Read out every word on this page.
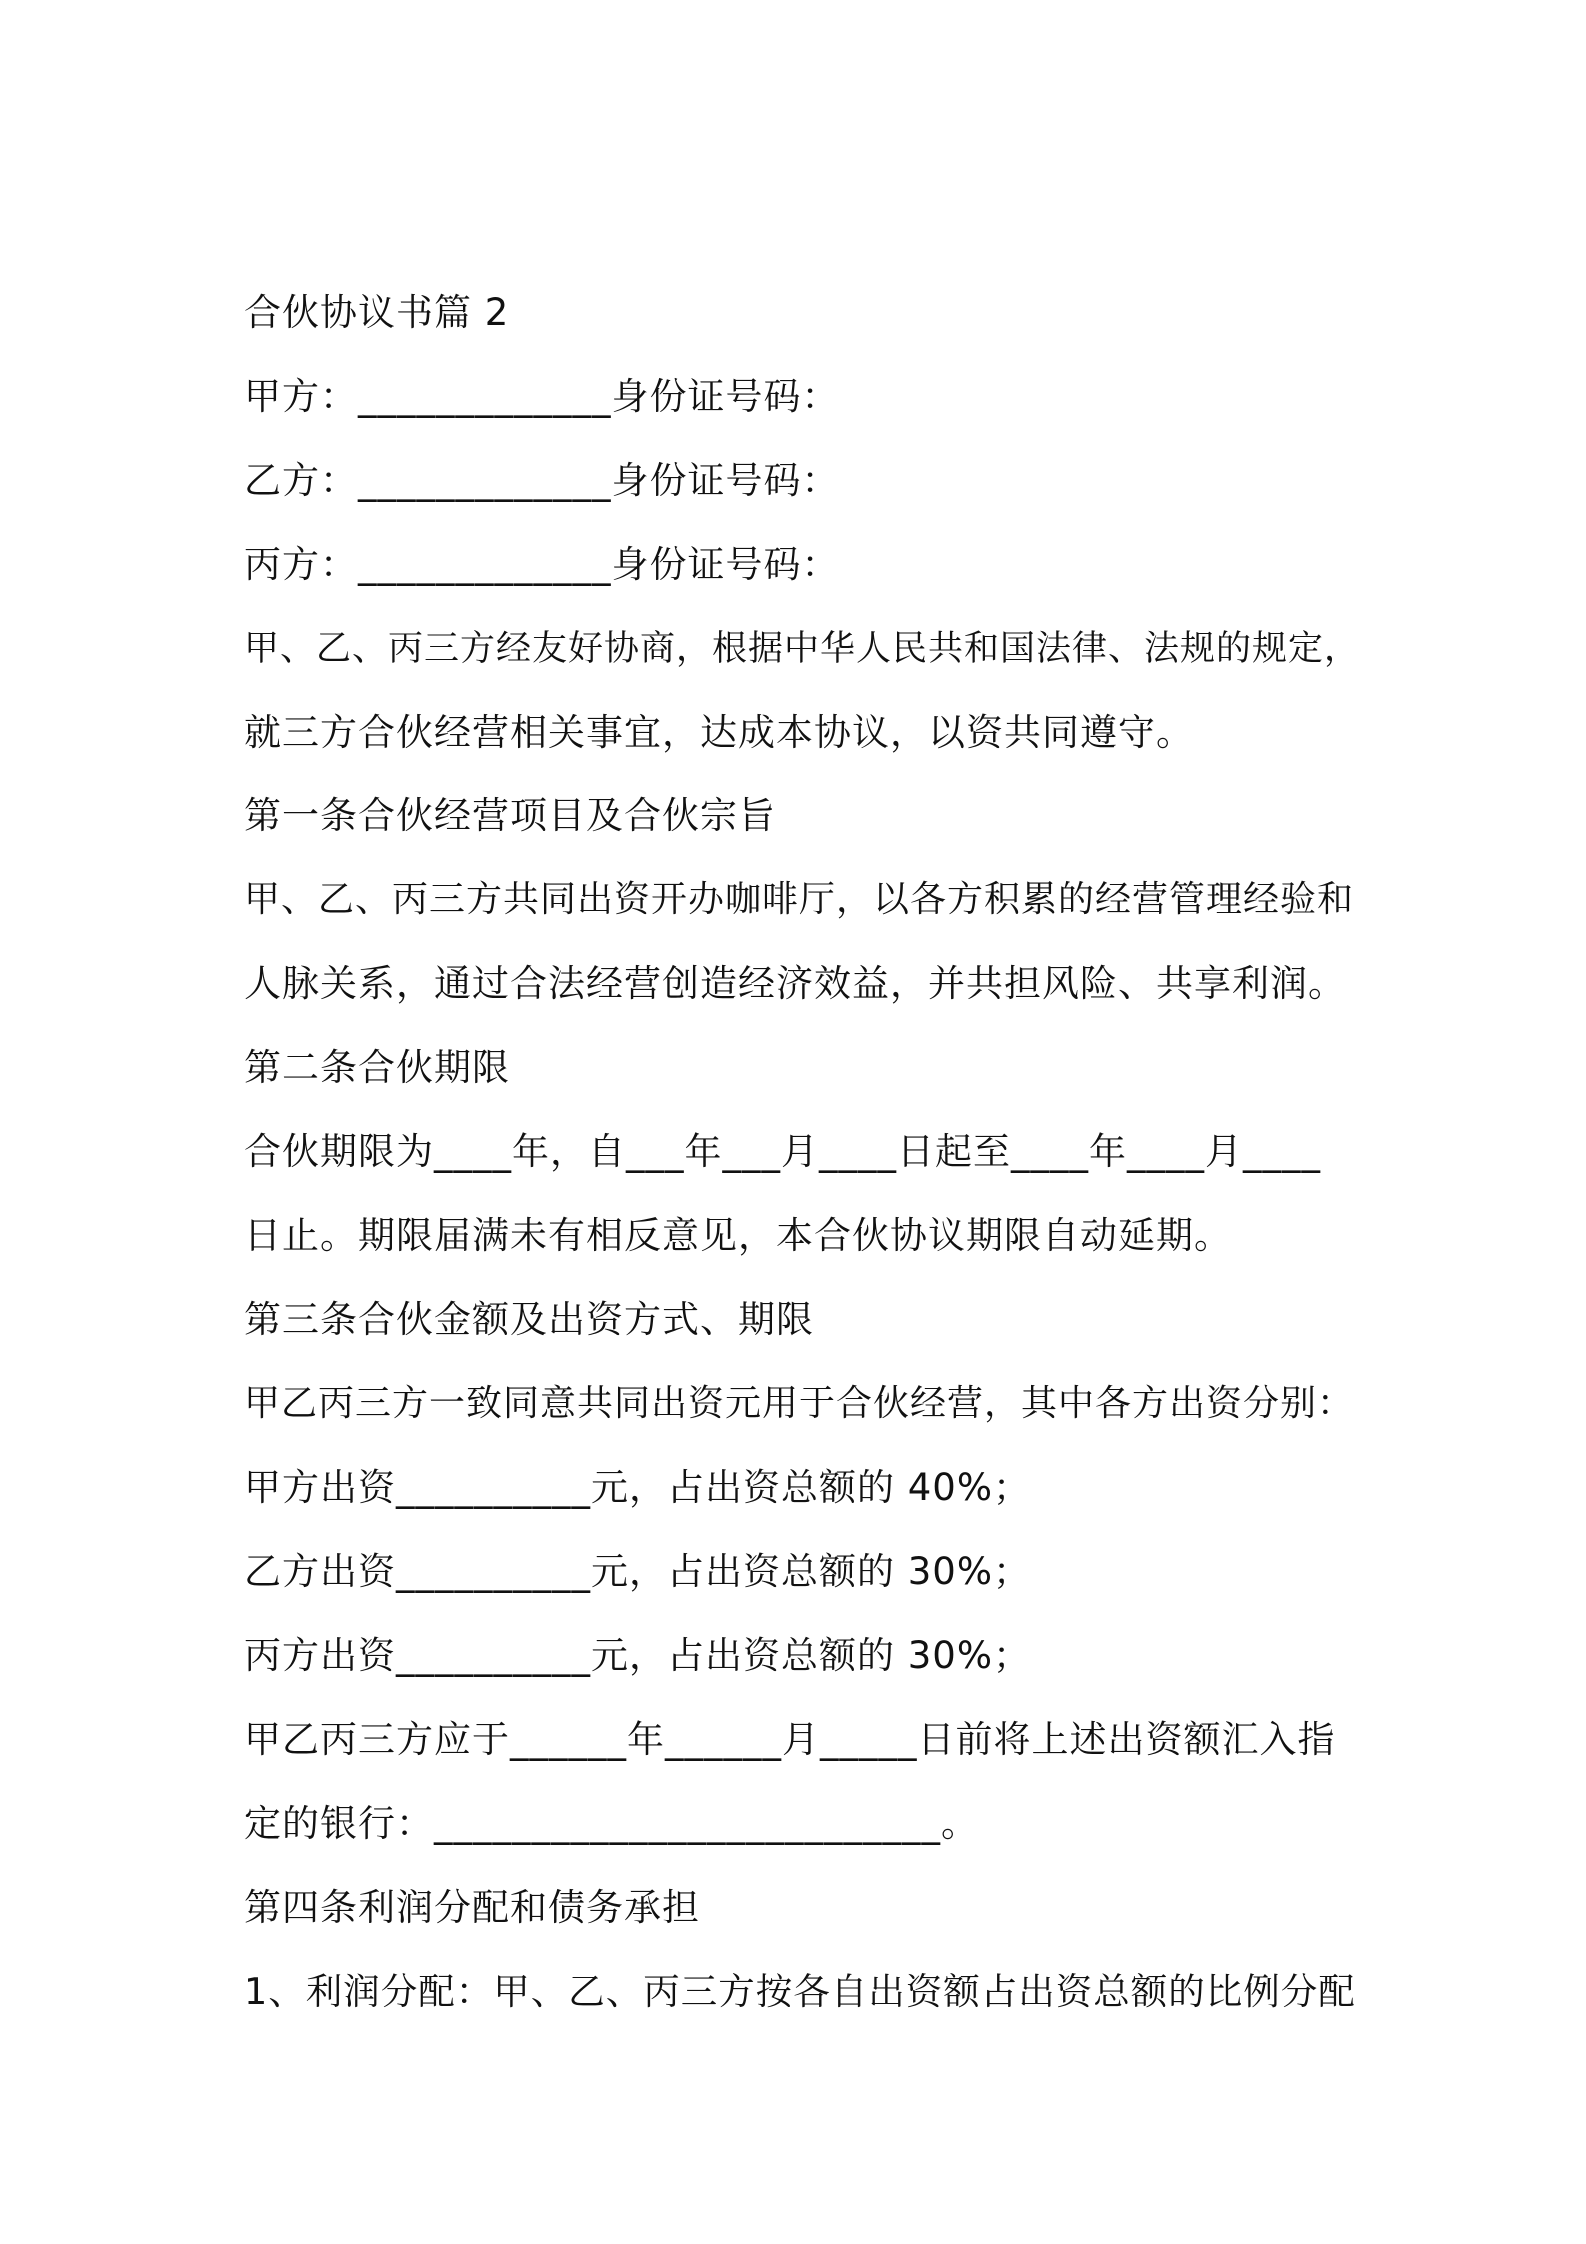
合伙协议书篇 2
甲方：_____________身份证号码：
乙方：_____________身份证号码：
丙方：_____________身份证号码：
甲、乙、丙三方经友好协商，根据中华人民共和国法律、法规的规定，
就三方合伙经营相关事宜，达成本协议，以资共同遵守。
第一条合伙经营项目及合伙宗旨
甲、乙、丙三方共同出资开办咖啡厅，以各方积累的经营管理经验和
人脉关系，通过合法经营创造经济效益，并共担风险、共享利润。
第二条合伙期限
合伙期限为____年，自___年___月____日起至____年____月____
日止。期限届满未有相反意见，本合伙协议期限自动延期。
第三条合伙金额及出资方式、期限
甲乙丙三方一致同意共同出资元用于合伙经营，其中各方出资分别：
甲方出资__________元，占出资总额的 40%；
乙方出资__________元，占出资总额的 30%；
丙方出资__________元，占出资总额的 30%；
甲乙丙三方应于______年______月_____日前将上述出资额汇入指
定的银行：__________________________。
第四条利润分配和债务承担
1、利润分配：甲、乙、丙三方按各自出资额占出资总额的比例分配
